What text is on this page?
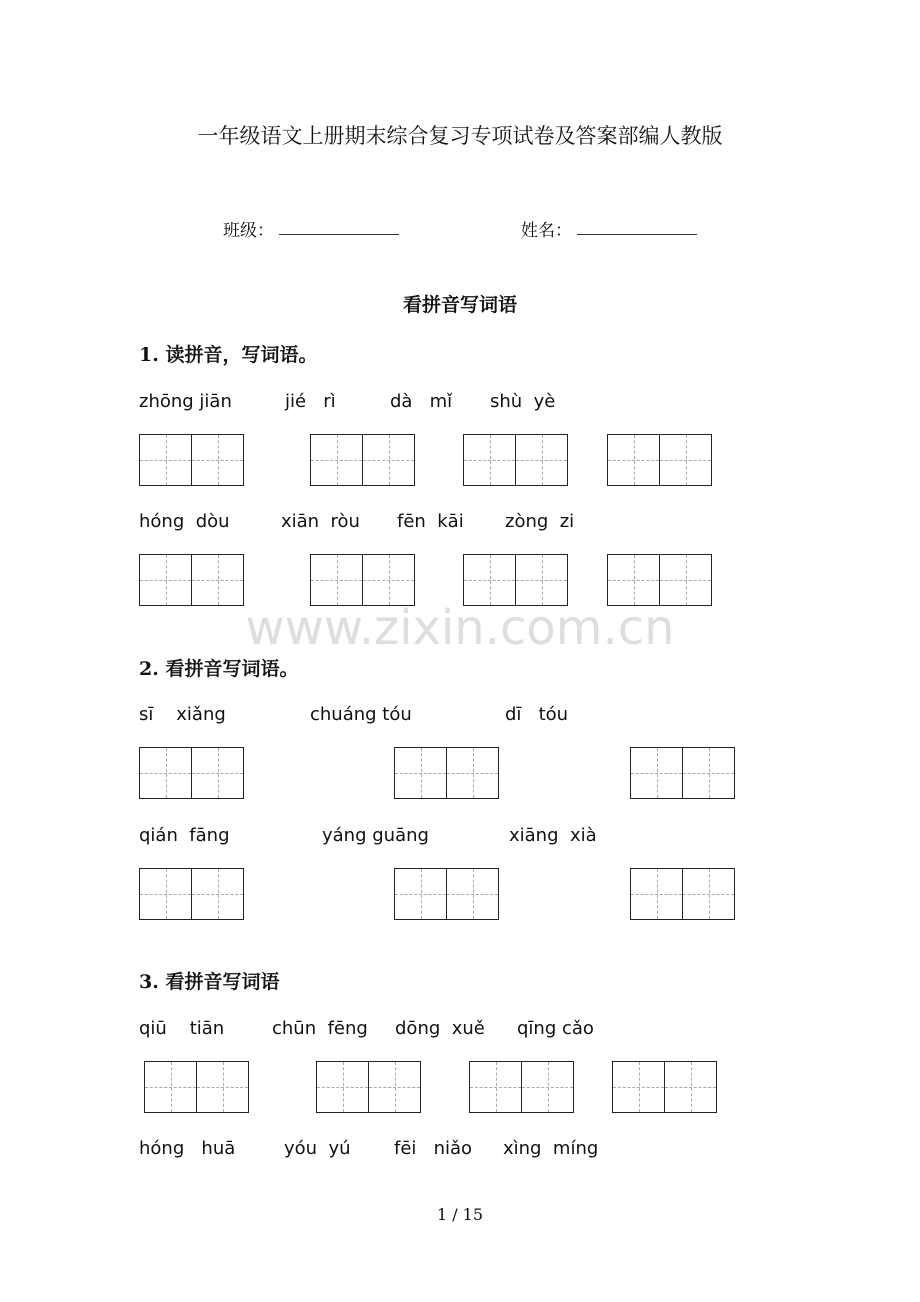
一年级语文上册期末综合复习专项试卷及答案部编人教版
班级：	姓名：
看拼音写词语
1. 读拼音，写词语。
zhōng jiān	jié   rì	dà   mǐ shù  yè
hóng  dòu	xiān  ròu fēn  kāi zòng  zi
www.zixin.com.cn
2. 看拼音写词语。
sī    xiǎng	chuáng tóu	dī   tóu
qián  fāng	yáng guāng	xiāng  xià
3. 看拼音写词语
qiū    tiān	chūn  fēng dōng  xuě qīng cǎo
hóng   huā	yóu  yú fēi   niǎo xìng  míng
1 / 15
